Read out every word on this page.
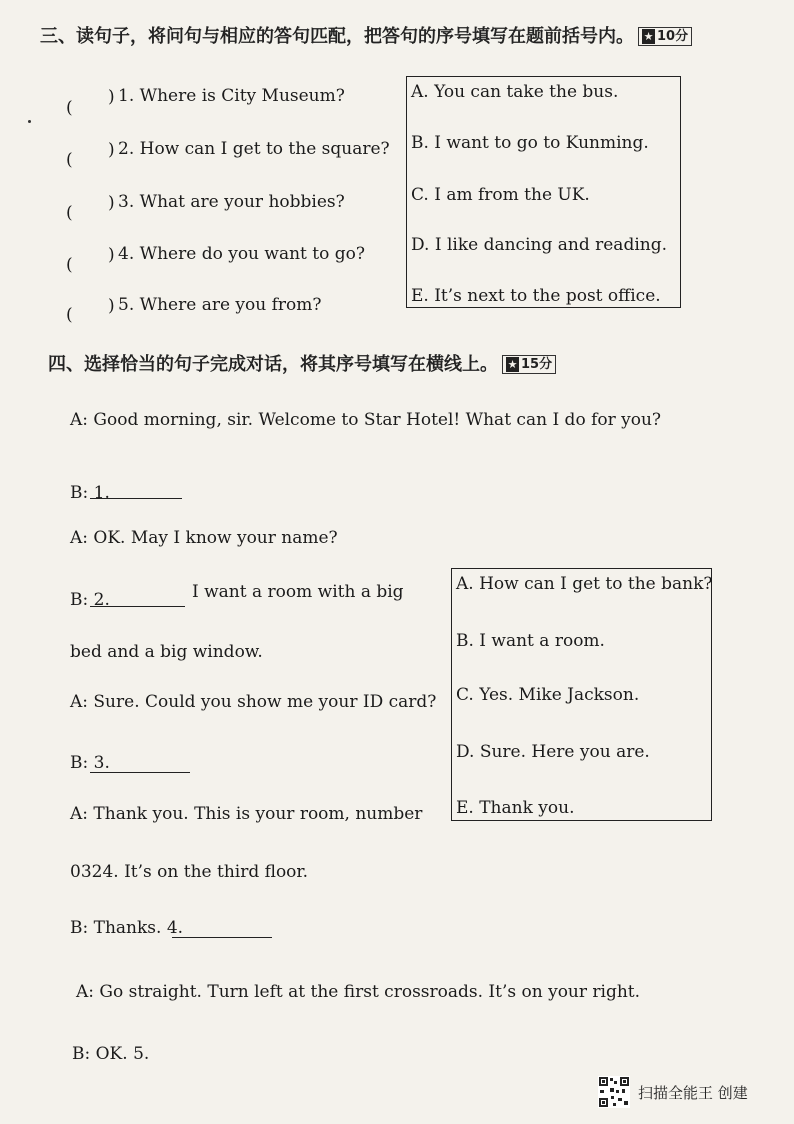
三、读句子，将问句与相应的答句匹配，把答句的序号填写在题前括号内。 ★ 10分
(
) 1. Where is City Museum?
( ) 2. How can I get to the square?
( ) 3. What are your hobbies?
( ) 4. Where do you want to go?
( ) 5. Where are you from?
A. You can take the bus.
B. I want to go to Kunming.
C. I am from the UK.
D. I like dancing and reading.
E. It’s next to the post office.
四、选择恰当的句子完成对话，将其序号填写在横线上。 ★ 15分
A: Good morning, sir. Welcome to Star Hotel! What can I do for you?
B: 1.
A: OK. May I know your name?
B: 2.	I want a room with a big
bed and a big window.
A: Sure. Could you show me your ID card?
B: 3.
A: Thank you. This is your room, number
0324. It’s on the third floor.
B: Thanks. 4.
A: Go straight. Turn left at the first crossroads. It’s on your right.
B: OK. 5.
A. How can I get to the bank?
B. I want a room.
C. Yes. Mike Jackson.
D. Sure. Here you are.
E. Thank you.
扫描全能王 创建
